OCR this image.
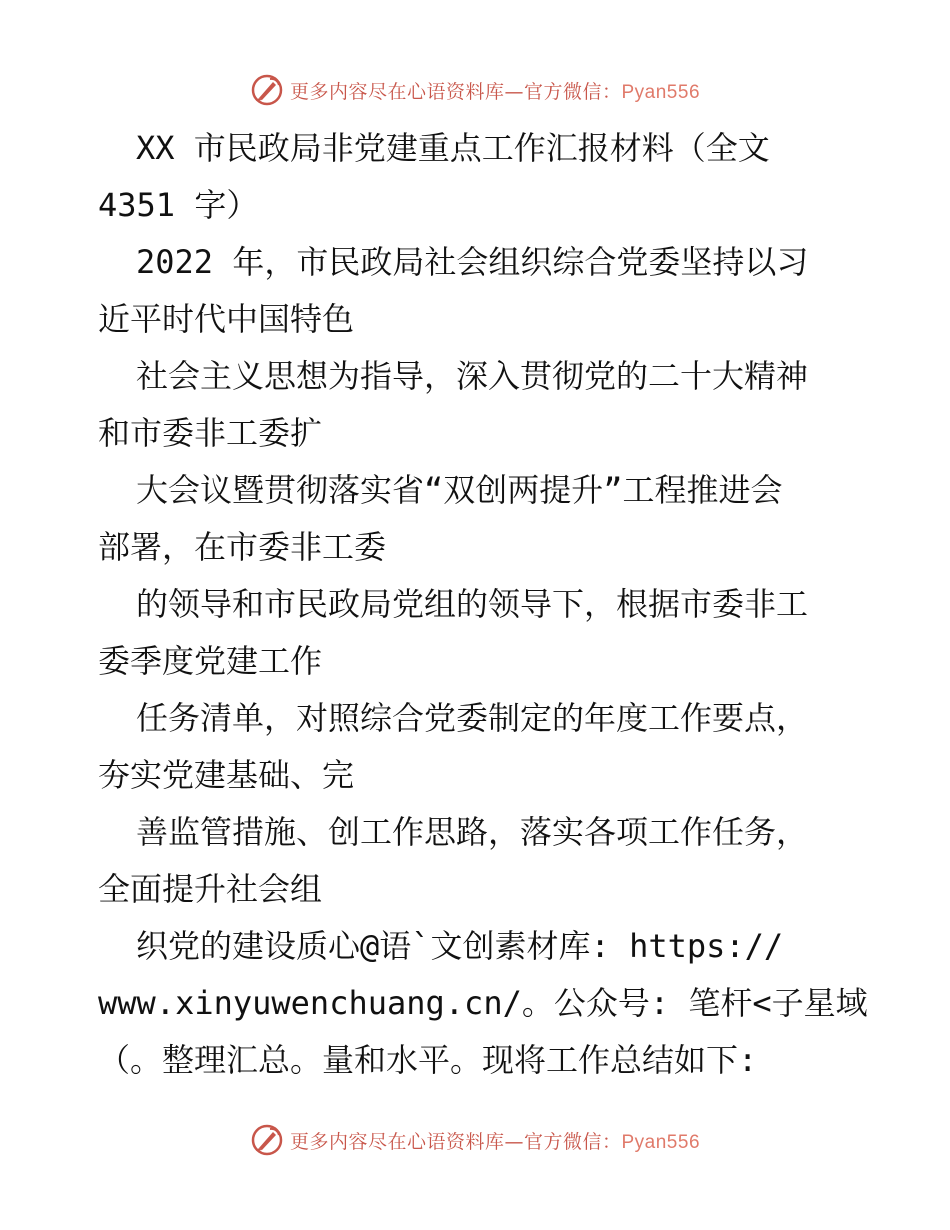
更多内容尽在心语资料库—官方微信：Pyan556
XX 市民政局非党建重点工作汇报材料（全文
4351 字）
2022 年，市民政局社会组织综合党委坚持以习
近平时代中国特色
社会主义思想为指导，深入贯彻党的二十大精神
和市委非工委扩
大会议暨贯彻落实省“双创两提升”工程推进会
部署，在市委非工委
的领导和市民政局党组的领导下，根据市委非工
委季度党建工作
任务清单，对照综合党委制定的年度工作要点，
夯实党建基础、完
善监管措施、创工作思路，落实各项工作任务，
全面提升社会组
织党的建设质心@语`文创素材库: https://
www.xinyuwenchuang.cn/。公众号: 笔杆<子星域
（。整理汇总。量和水平。现将工作总结如下:
更多内容尽在心语资料库—官方微信：Pyan556
